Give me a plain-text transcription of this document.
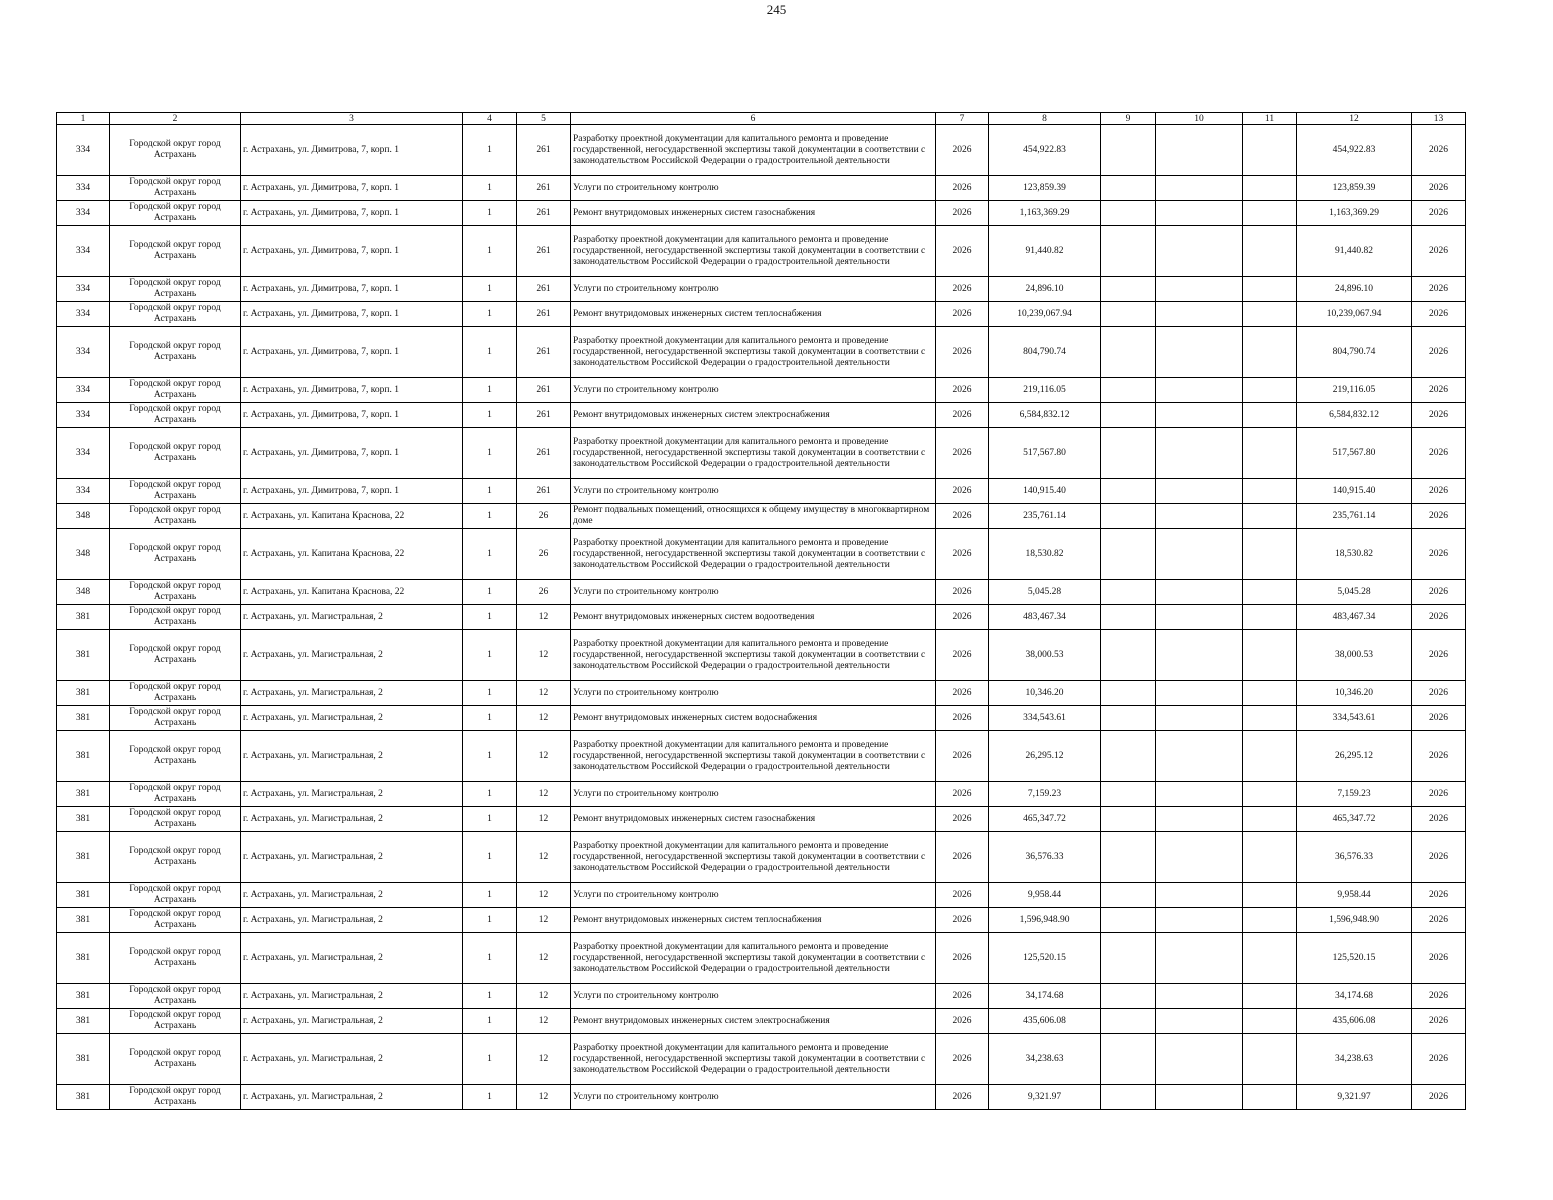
245
1	2	3	4	5	6	7	8	9	10	11	12	13
334	Городской округ город Астрахань	г. Астрахань, ул. Димитрова, 7, корп. 1	1	261	Разработку проектной документации для капитального ремонта и проведение государственной, негосударственной экспертизы такой документации в соответствии с законодательством Российской Федерации о градостроительной деятельности	2026	454,922.83				454,922.83	2026
334	Городской округ город Астрахань	г. Астрахань, ул. Димитрова, 7, корп. 1	1	261	Услуги по строительному контролю	2026	123,859.39				123,859.39	2026
334	Городской округ город Астрахань	г. Астрахань, ул. Димитрова, 7, корп. 1	1	261	Ремонт внутридомовых инженерных систем газоснабжения	2026	1,163,369.29				1,163,369.29	2026
334	Городской округ город Астрахань	г. Астрахань, ул. Димитрова, 7, корп. 1	1	261	Разработку проектной документации для капитального ремонта и проведение государственной, негосударственной экспертизы такой документации в соответствии с законодательством Российской Федерации о градостроительной деятельности	2026	91,440.82				91,440.82	2026
334	Городской округ город Астрахань	г. Астрахань, ул. Димитрова, 7, корп. 1	1	261	Услуги по строительному контролю	2026	24,896.10				24,896.10	2026
334	Городской округ город Астрахань	г. Астрахань, ул. Димитрова, 7, корп. 1	1	261	Ремонт внутридомовых инженерных систем теплоснабжения	2026	10,239,067.94				10,239,067.94	2026
334	Городской округ город Астрахань	г. Астрахань, ул. Димитрова, 7, корп. 1	1	261	Разработку проектной документации для капитального ремонта и проведение государственной, негосударственной экспертизы такой документации в соответствии с законодательством Российской Федерации о градостроительной деятельности	2026	804,790.74				804,790.74	2026
334	Городской округ город Астрахань	г. Астрахань, ул. Димитрова, 7, корп. 1	1	261	Услуги по строительному контролю	2026	219,116.05				219,116.05	2026
334	Городской округ город Астрахань	г. Астрахань, ул. Димитрова, 7, корп. 1	1	261	Ремонт внутридомовых инженерных систем электроснабжения	2026	6,584,832.12				6,584,832.12	2026
334	Городской округ город Астрахань	г. Астрахань, ул. Димитрова, 7, корп. 1	1	261	Разработку проектной документации для капитального ремонта и проведение государственной, негосударственной экспертизы такой документации в соответствии с законодательством Российской Федерации о градостроительной деятельности	2026	517,567.80				517,567.80	2026
334	Городской округ город Астрахань	г. Астрахань, ул. Димитрова, 7, корп. 1	1	261	Услуги по строительному контролю	2026	140,915.40				140,915.40	2026
348	Городской округ город Астрахань	г. Астрахань, ул. Капитана Краснова, 22	1	26	Ремонт подвальных помещений, относящихся к общему имуществу в многоквартирном доме	2026	235,761.14				235,761.14	2026
348	Городской округ город Астрахань	г. Астрахань, ул. Капитана Краснова, 22	1	26	Разработку проектной документации для капитального ремонта и проведение государственной, негосударственной экспертизы такой документации в соответствии с законодательством Российской Федерации о градостроительной деятельности	2026	18,530.82				18,530.82	2026
348	Городской округ город Астрахань	г. Астрахань, ул. Капитана Краснова, 22	1	26	Услуги по строительному контролю	2026	5,045.28				5,045.28	2026
381	Городской округ город Астрахань	г. Астрахань, ул. Магистральная, 2	1	12	Ремонт внутридомовых инженерных систем водоотведения	2026	483,467.34				483,467.34	2026
381	Городской округ город Астрахань	г. Астрахань, ул. Магистральная, 2	1	12	Разработку проектной документации для капитального ремонта и проведение государственной, негосударственной экспертизы такой документации в соответствии с законодательством Российской Федерации о градостроительной деятельности	2026	38,000.53				38,000.53	2026
381	Городской округ город Астрахань	г. Астрахань, ул. Магистральная, 2	1	12	Услуги по строительному контролю	2026	10,346.20				10,346.20	2026
381	Городской округ город Астрахань	г. Астрахань, ул. Магистральная, 2	1	12	Ремонт внутридомовых инженерных систем водоснабжения	2026	334,543.61				334,543.61	2026
381	Городской округ город Астрахань	г. Астрахань, ул. Магистральная, 2	1	12	Разработку проектной документации для капитального ремонта и проведение государственной, негосударственной экспертизы такой документации в соответствии с законодательством Российской Федерации о градостроительной деятельности	2026	26,295.12				26,295.12	2026
381	Городской округ город Астрахань	г. Астрахань, ул. Магистральная, 2	1	12	Услуги по строительному контролю	2026	7,159.23				7,159.23	2026
381	Городской округ город Астрахань	г. Астрахань, ул. Магистральная, 2	1	12	Ремонт внутридомовых инженерных систем газоснабжения	2026	465,347.72				465,347.72	2026
381	Городской округ город Астрахань	г. Астрахань, ул. Магистральная, 2	1	12	Разработку проектной документации для капитального ремонта и проведение государственной, негосударственной экспертизы такой документации в соответствии с законодательством Российской Федерации о градостроительной деятельности	2026	36,576.33				36,576.33	2026
381	Городской округ город Астрахань	г. Астрахань, ул. Магистральная, 2	1	12	Услуги по строительному контролю	2026	9,958.44				9,958.44	2026
381	Городской округ город Астрахань	г. Астрахань, ул. Магистральная, 2	1	12	Ремонт внутридомовых инженерных систем теплоснабжения	2026	1,596,948.90				1,596,948.90	2026
381	Городской округ город Астрахань	г. Астрахань, ул. Магистральная, 2	1	12	Разработку проектной документации для капитального ремонта и проведение государственной, негосударственной экспертизы такой документации в соответствии с законодательством Российской Федерации о градостроительной деятельности	2026	125,520.15				125,520.15	2026
381	Городской округ город Астрахань	г. Астрахань, ул. Магистральная, 2	1	12	Услуги по строительному контролю	2026	34,174.68				34,174.68	2026
381	Городской округ город Астрахань	г. Астрахань, ул. Магистральная, 2	1	12	Ремонт внутридомовых инженерных систем электроснабжения	2026	435,606.08				435,606.08	2026
381	Городской округ город Астрахань	г. Астрахань, ул. Магистральная, 2	1	12	Разработку проектной документации для капитального ремонта и проведение государственной, негосударственной экспертизы такой документации в соответствии с законодательством Российской Федерации о градостроительной деятельности	2026	34,238.63				34,238.63	2026
381	Городской округ город Астрахань	г. Астрахань, ул. Магистральная, 2	1	12	Услуги по строительному контролю	2026	9,321.97				9,321.97	2026
